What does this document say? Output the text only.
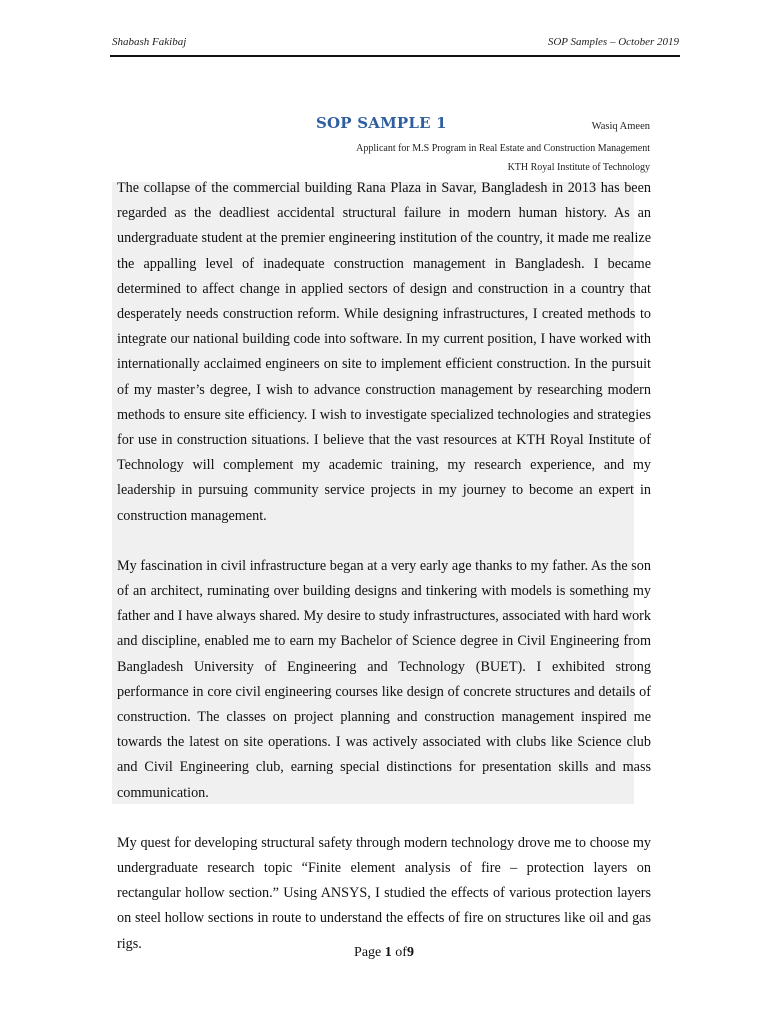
Shabash Fakibaj	SOP Samples – October 2019
SOP SAMPLE 1	Wasiq Ameen
Applicant for M.S Program in Real Estate and Construction Management
KTH Royal Institute of Technology

The collapse of the commercial building Rana Plaza in Savar, Bangladesh in 2013 has been regarded as the deadliest accidental structural failure in modern human history. As an undergraduate student at the premier engineering institution of the country, it made me realize the appalling level of inadequate construction management in Bangladesh. I became determined to affect change in applied sectors of design and construction in a country that desperately needs construction reform. While designing infrastructures, I created methods to integrate our national building code into software. In my current position, I have worked with internationally acclaimed engineers on site to implement efficient construction. In the pursuit of my master’s degree, I wish to advance construction management by researching modern methods to ensure site efficiency. I wish to investigate specialized technologies and strategies for use in construction situations. I believe that the vast resources at KTH Royal Institute of Technology will complement my academic training, my research experience, and my leadership in pursuing community service projects in my journey to become an expert in construction management.

My fascination in civil infrastructure began at a very early age thanks to my father. As the son of an architect, ruminating over building designs and tinkering with models is something my father and I have always shared. My desire to study infrastructures, associated with hard work and discipline, enabled me to earn my Bachelor of Science degree in Civil Engineering from Bangladesh University of Engineering and Technology (BUET). I exhibited strong performance in core civil engineering courses like design of concrete structures and details of construction. The classes on project planning and construction management inspired me towards the latest on site operations. I was actively associated with clubs like Science club and Civil Engineering club, earning special distinctions for presentation skills and mass communication.

My quest for developing structural safety through modern technology drove me to choose my undergraduate research topic “Finite element analysis of fire – protection layers on rectangular hollow section.” Using ANSYS, I studied the effects of various protection layers on steel hollow sections in route to understand the effects of fire on structures like oil and gas rigs.

Page 1 of9
